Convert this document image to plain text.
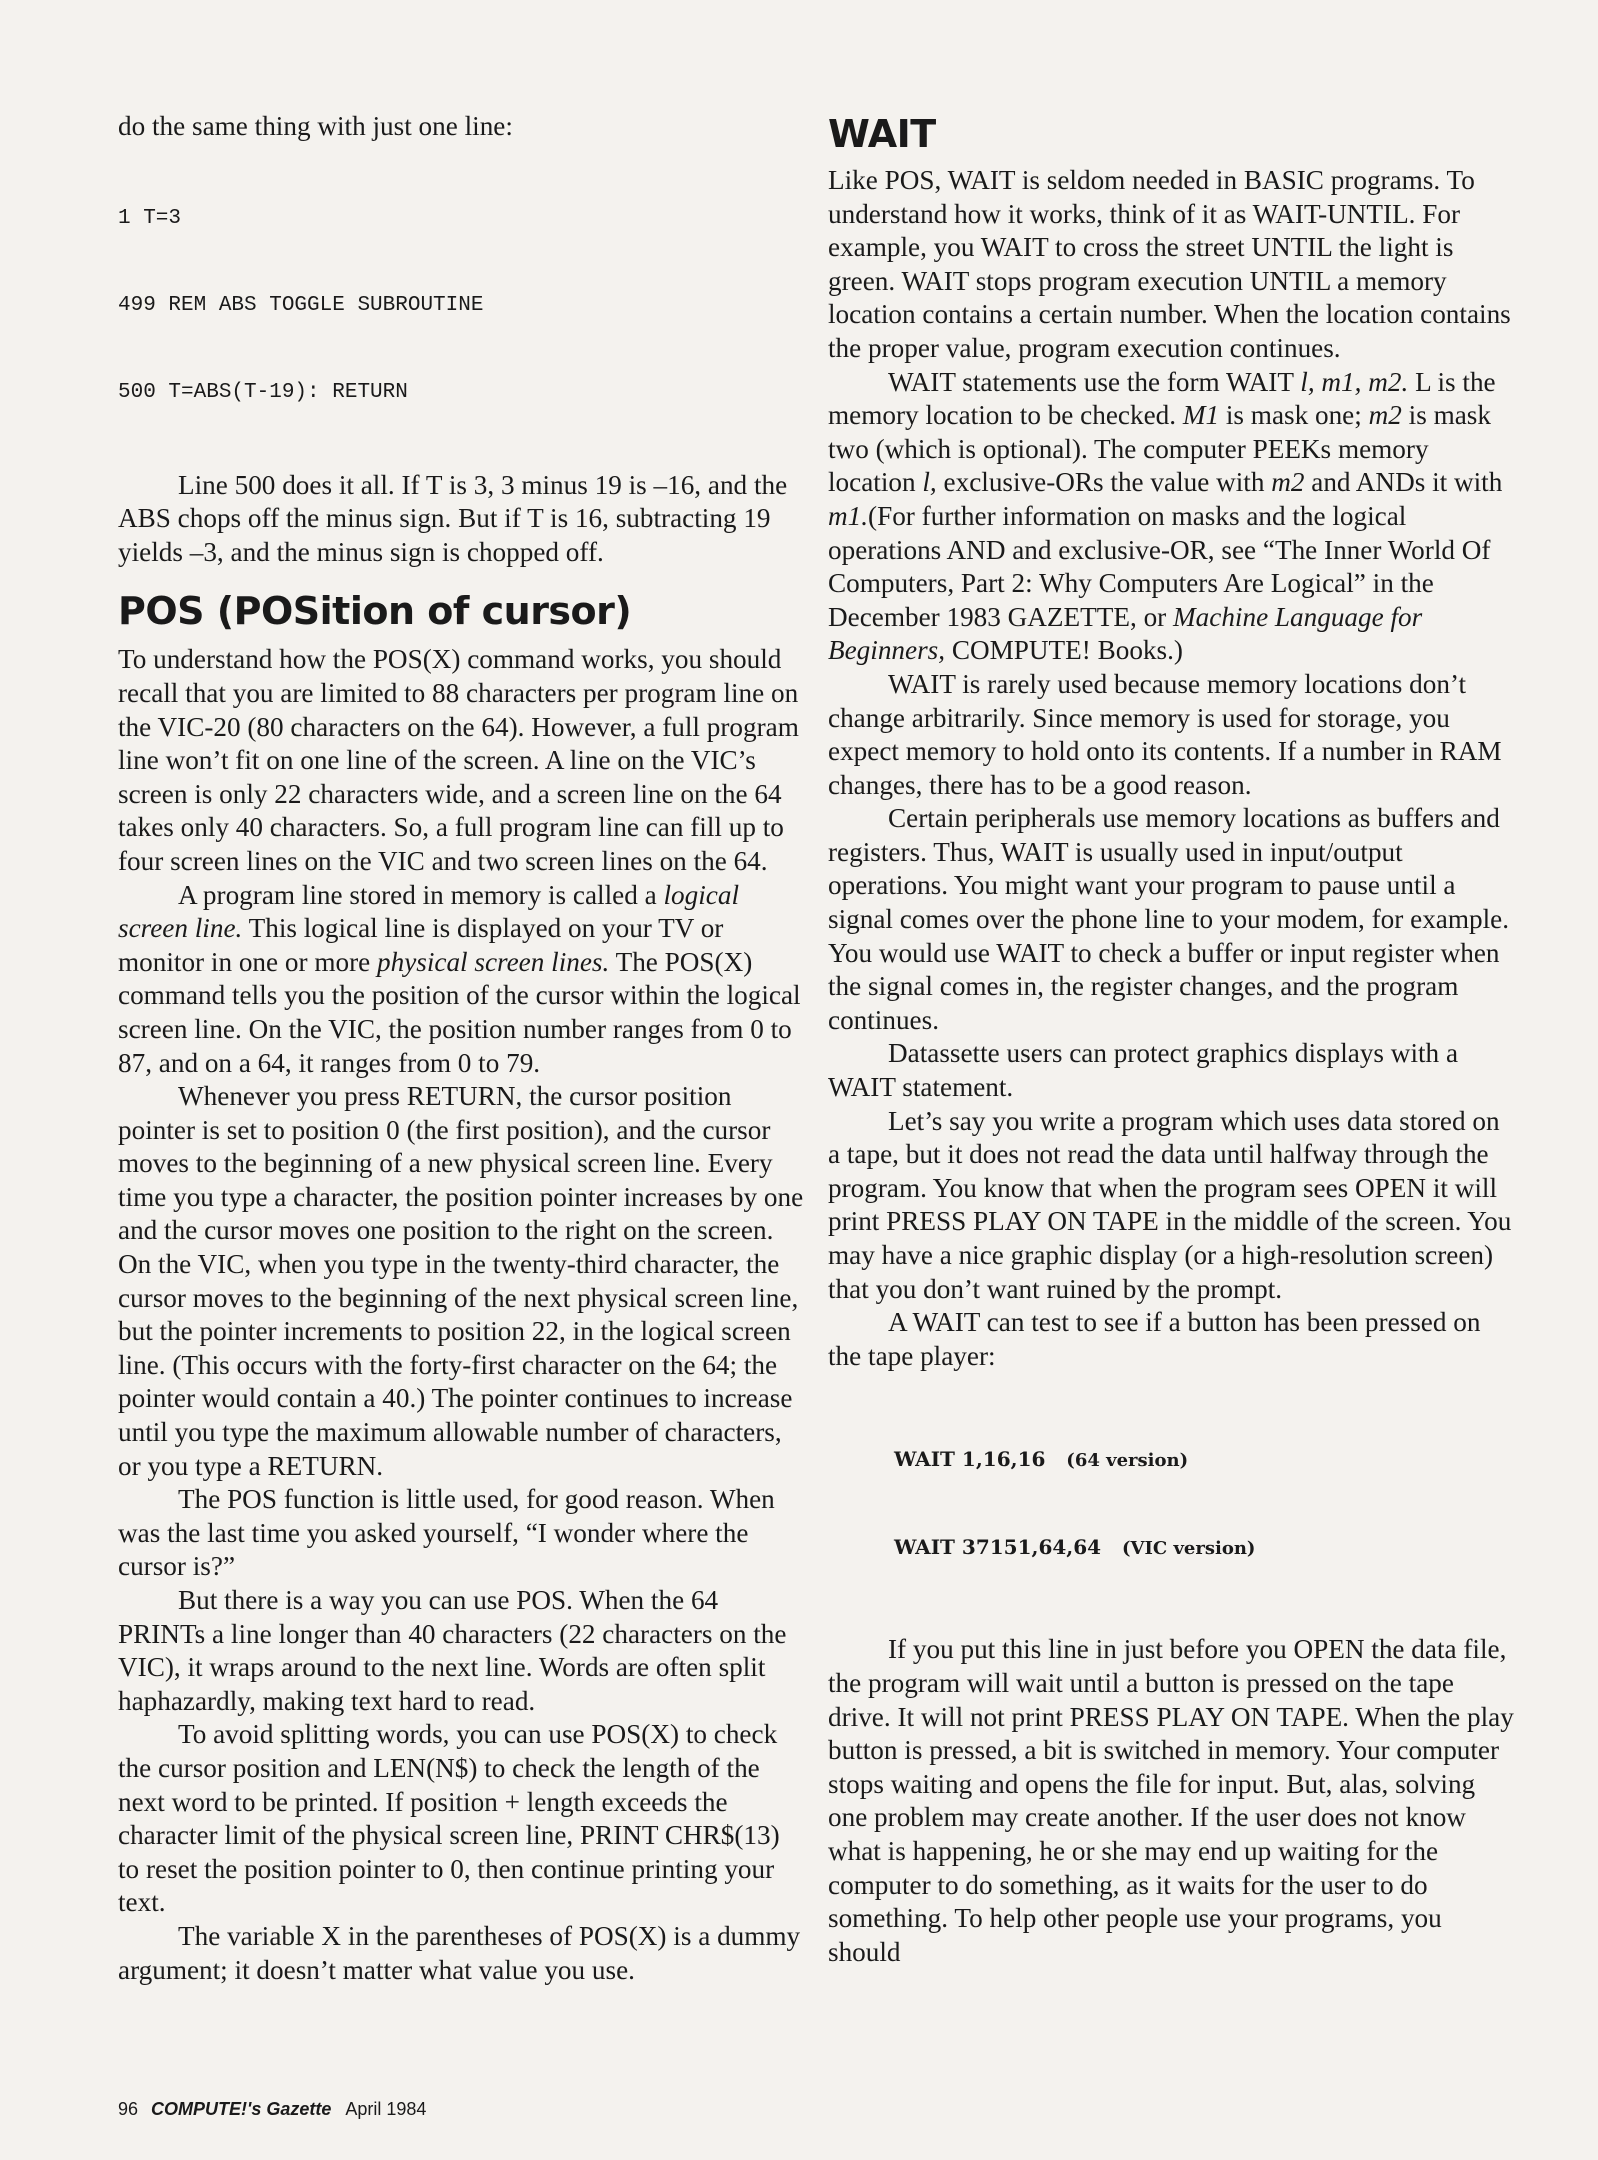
do the same thing with just one line:

1 T=3

499 REM ABS TOGGLE SUBROUTINE

500 T=ABS(T-19): RETURN

Line 500 does it all. If T is 3, 3 minus 19 is –16, and the ABS chops off the minus sign. But if T is 16, subtracting 19 yields –3, and the minus sign is chopped off.

POS (POSition of cursor)

To understand how the POS(X) command works, you should recall that you are limited to 88 characters per program line on the VIC-20 (80 characters on the 64). However, a full program line won’t fit on one line of the screen. A line on the VIC’s screen is only 22 characters wide, and a screen line on the 64 takes only 40 characters. So, a full program line can fill up to four screen lines on the VIC and two screen lines on the 64.

A program line stored in memory is called a logical screen line. This logical line is displayed on your TV or monitor in one or more physical screen lines. The POS(X) command tells you the position of the cursor within the logical screen line. On the VIC, the position number ranges from 0 to 87, and on a 64, it ranges from 0 to 79.

Whenever you press RETURN, the cursor position pointer is set to position 0 (the first position), and the cursor moves to the beginning of a new physical screen line. Every time you type a character, the position pointer increases by one and the cursor moves one position to the right on the screen. On the VIC, when you type in the twenty-third character, the cursor moves to the beginning of the next physical screen line, but the pointer increments to position 22, in the logical screen line. (This occurs with the forty-first character on the 64; the pointer would contain a 40.) The pointer continues to increase until you type the maximum allowable number of characters, or you type a RETURN.

The POS function is little used, for good reason. When was the last time you asked yourself, “I wonder where the cursor is?”

But there is a way you can use POS. When the 64 PRINTs a line longer than 40 characters (22 characters on the VIC), it wraps around to the next line. Words are often split haphazardly, making text hard to read.

To avoid splitting words, you can use POS(X) to check the cursor position and LEN(N$) to check the length of the next word to be printed. If position + length exceeds the character limit of the physical screen line, PRINT CHR$(13) to reset the position pointer to 0, then continue printing your text.

The variable X in the parentheses of POS(X) is a dummy argument; it doesn’t matter what value you use.

WAIT

Like POS, WAIT is seldom needed in BASIC programs. To understand how it works, think of it as WAIT-UNTIL. For example, you WAIT to cross the street UNTIL the light is green. WAIT stops program execution UNTIL a memory location contains a certain number. When the location contains the proper value, program execution continues.

WAIT statements use the form WAIT l, m1, m2. L is the memory location to be checked. M1 is mask one; m2 is mask two (which is optional). The computer PEEKs memory location l, exclusive-ORs the value with m2 and ANDs it with m1.(For further information on masks and the logical operations AND and exclusive-OR, see “The Inner World Of Computers, Part 2: Why Computers Are Logical” in the December 1983 GAZETTE, or Machine Language for Beginners, COMPUTE! Books.)

WAIT is rarely used because memory locations don’t change arbitrarily. Since memory is used for storage, you expect memory to hold onto its contents. If a number in RAM changes, there has to be a good reason.

Certain peripherals use memory locations as buffers and registers. Thus, WAIT is usually used in input/output operations. You might want your program to pause until a signal comes over the phone line to your modem, for example. You would use WAIT to check a buffer or input register when the signal comes in, the register changes, and the program continues.

Datassette users can protect graphics displays with a WAIT statement.

Let’s say you write a program which uses data stored on a tape, but it does not read the data until halfway through the program. You know that when the program sees OPEN it will print PRESS PLAY ON TAPE in the middle of the screen. You may have a nice graphic display (or a high-resolution screen) that you don’t want ruined by the prompt.

A WAIT can test to see if a button has been pressed on the tape player:

WAIT 1,16,16 (64 version)

WAIT 37151,64,64 (VIC version)

If you put this line in just before you OPEN the data file, the program will wait until a button is pressed on the tape drive. It will not print PRESS PLAY ON TAPE. When the play button is pressed, a bit is switched in memory. Your computer stops waiting and opens the file for input. But, alas, solving one problem may create another. If the user does not know what is happening, he or she may end up waiting for the computer to do something, as it waits for the user to do something. To help other people use your programs, you should

96 COMPUTE!'s Gazette April 1984
